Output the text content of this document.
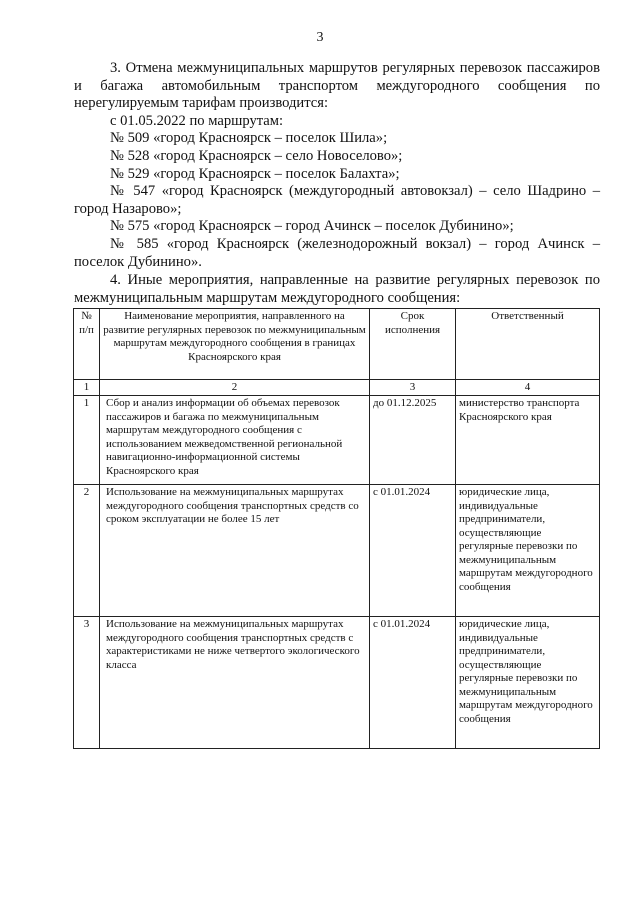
3

3. Отмена межмуниципальных маршрутов регулярных перевозок пассажиров и багажа автомобильным транспортом междугородного сообщения по нерегулируемым тарифам производится:

с 01.05.2022 по маршрутам:

№ 509 «город Красноярск – поселок Шила»;

№ 528 «город Красноярск – село Новоселово»;

№ 529 «город Красноярск – поселок Балахта»;

№ 547 «город Красноярск (междугородный автовокзал) – село Шадрино – город Назарово»;

№ 575 «город Красноярск – город Ачинск – поселок Дубинино»;

№ 585 «город Красноярск (железнодорожный вокзал) – город Ачинск – поселок Дубинино».

4. Иные мероприятия, направленные на развитие регулярных перевозок по межмуниципальным маршрутам междугородного сообщения:

№ п/п	Наименование мероприятия, направленного на развитие регулярных перевозок по межмуниципальным маршрутам междугородного сообщения в границах Красноярского края	Срок исполнения	Ответственный
1	2	3	4
1	Сбор и анализ информации об объемах перевозок пассажиров и багажа по межмуниципальным маршрутам междугородного сообщения с использованием межведомственной региональной навигационно-информационной системы Красноярского края	до 01.12.2025	министерство транспорта Красноярского края
2	Использование на межмуниципальных маршрутах междугородного сообщения транспортных средств со сроком эксплуатации не более 15 лет	с 01.01.2024	юридические лица, индивидуальные предприниматели, осуществляющие регулярные перевозки по межмуниципальным маршрутам междугородного сообщения
3	Использование на межмуниципальных маршрутах междугородного сообщения транспортных средств с характеристиками не ниже четвертого экологического класса	с 01.01.2024	юридические лица, индивидуальные предприниматели, осуществляющие регулярные перевозки по межмуниципальным маршрутам междугородного сообщения
